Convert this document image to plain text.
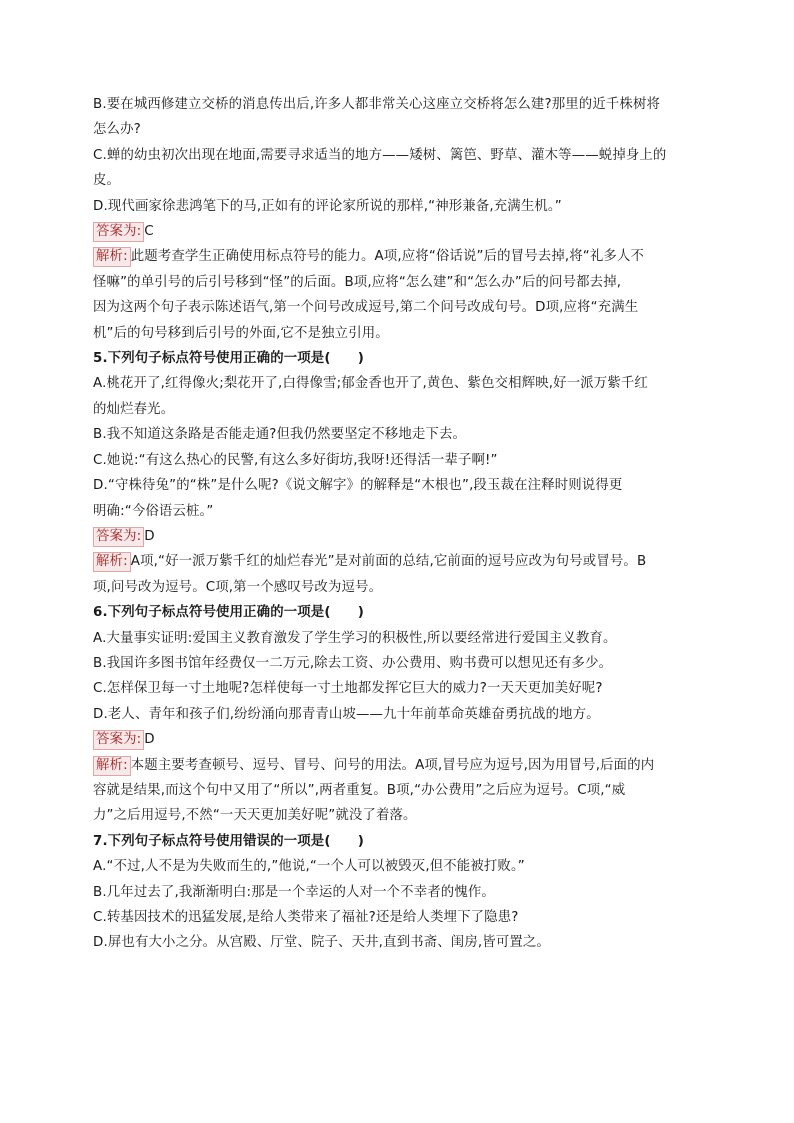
B.要在城西修建立交桥的消息传出后,许多人都非常关心这座立交桥将怎么建?那里的近千株树将
怎么办?
C.蝉的幼虫初次出现在地面,需要寻求适当的地方——矮树、篱笆、野草、灌木等——蜕掉身上的
皮。
D.现代画家徐悲鸿笔下的马,正如有的评论家所说的那样,“神形兼备,充满生机。”
答案为: C
解析: 此题考查学生正确使用标点符号的能力。A项,应将“俗话说”后的冒号去掉,将“礼多人不
怪嘛”的单引号的后引号移到“怪”的后面。B项,应将“怎么建”和“怎么办”后的问号都去掉,
因为这两个句子表示陈述语气,第一个问号改成逗号,第二个问号改成句号。D项,应将“充满生
机”后的句号移到后引号的外面,它不是独立引用。
5.下列句子标点符号使用正确的一项是(　　)
A.桃花开了,红得像火;梨花开了,白得像雪;郁金香也开了,黄色、紫色交相辉映,好一派万紫千红
的灿烂春光。
B.我不知道这条路是否能走通?但我仍然要坚定不移地走下去。
C.她说:“有这么热心的民警,有这么多好街坊,我呀!还得活一辈子啊!”
D.“守株待兔”的“株”是什么呢?《说文解字》的解释是“木根也”,段玉裁在注释时则说得更
明确:“今俗语云桩。”
答案为: D
解析: A项,“好一派万紫千红的灿烂春光”是对前面的总结,它前面的逗号应改为句号或冒号。B
项,问号改为逗号。C项,第一个感叹号改为逗号。
6.下列句子标点符号使用正确的一项是(　　)
A.大量事实证明:爱国主义教育激发了学生学习的积极性,所以要经常进行爱国主义教育。
B.我国许多图书馆年经费仅一二万元,除去工资、办公费用、购书费可以想见还有多少。
C.怎样保卫每一寸土地呢?怎样使每一寸土地都发挥它巨大的威力?一天天更加美好呢?
D.老人、青年和孩子们,纷纷涌向那青青山坡——九十年前革命英雄奋勇抗战的地方。
答案为: D
解析: 本题主要考查顿号、逗号、冒号、问号的用法。A项,冒号应为逗号,因为用冒号,后面的内
容就是结果,而这个句中又用了“所以”,两者重复。B项,“办公费用”之后应为逗号。C项,“威
力”之后用逗号,不然“一天天更加美好呢”就没了着落。
7.下列句子标点符号使用错误的一项是(　　)
A.“不过,人不是为失败而生的,”他说,“一个人可以被毁灭,但不能被打败。”
B.几年过去了,我渐渐明白:那是一个幸运的人对一个不幸者的愧作。
C.转基因技术的迅猛发展,是给人类带来了福祉?还是给人类埋下了隐患?
D.屏也有大小之分。从宫殿、厅堂、院子、天井,直到书斋、闺房,皆可置之。
